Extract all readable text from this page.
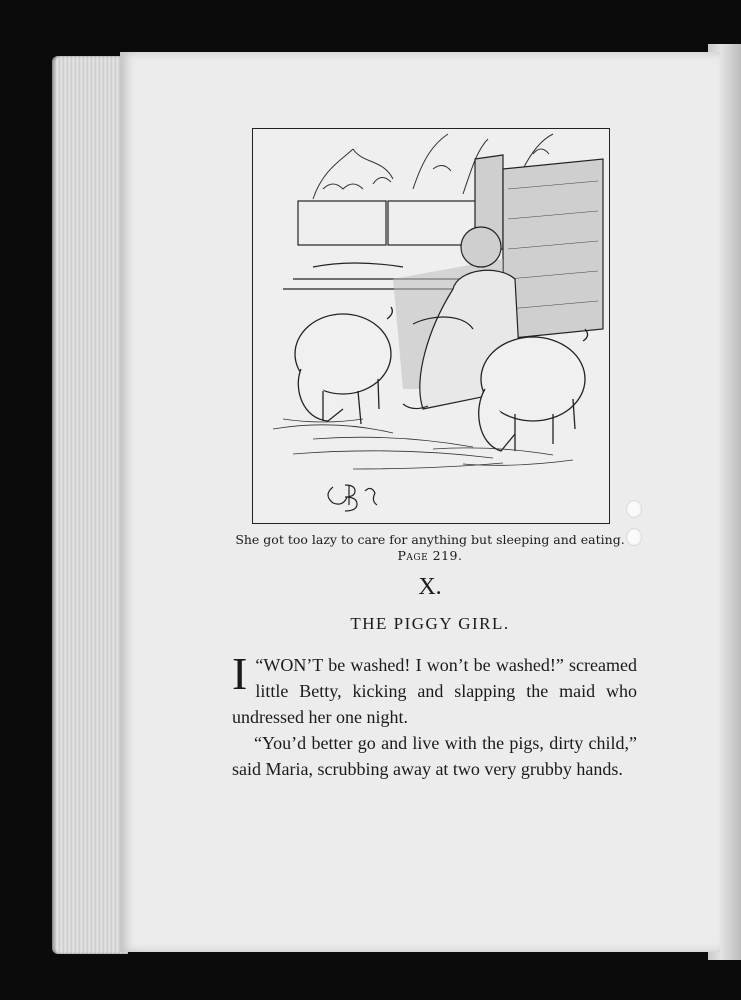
She got too lazy to care for anything but sleeping and eating.
Page 219.
X.
THE PIGGY GIRL.

“
I WON’T be washed! I won’t be washed!” screamed little Betty, kicking and slapping the maid who undressed her one night.

“You’d better go and live with the pigs, dirty child,” said Maria, scrubbing away at two very grubby hands.
